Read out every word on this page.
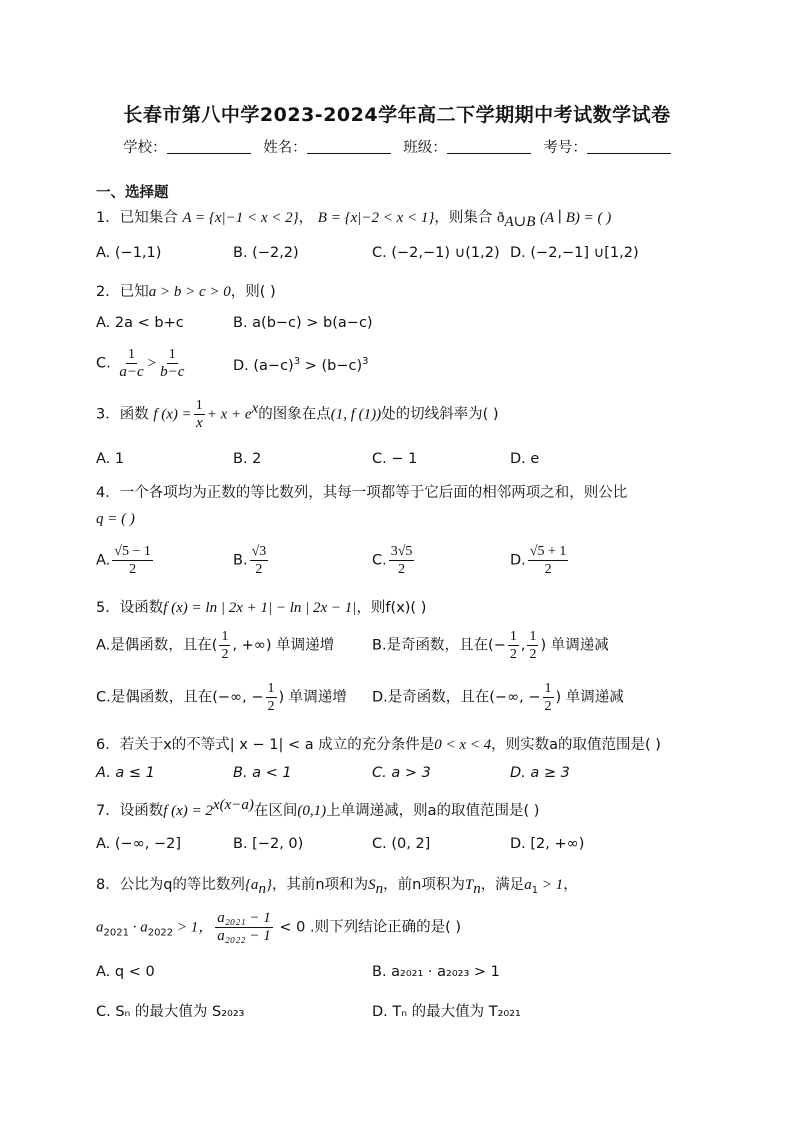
长春市第八中学2023-2024学年高二下学期期中考试数学试卷
学校：	姓名：	班级：	考号：
一、选择题
1．已知集合 A = {x|−1 < x < 2}， B = {x|−2 < x < 1}，则集合 $ð_{A\cup B}$ (A ∣ B) = ( )
A. (−1,1)	B. (−2,2)	C. (−2,−1) ∪(1,2) D. (−2,−1] ∪[1,2)
2．已知a > b > c > 0，则( )
A. 2a < b+c	B. a(b−c) > b(a−c)
C. $\frac{1}{a-c} > \frac{1}{b-c}$	D. $(a-c)^3 > (b-c)^3$
3．函数 f $(x) = \frac{1}{x} + x + e^x$的图象在点(1, f (1))处的切线斜率为( )
A. 1	B. 2	C. − 1	D. e
4．一个各项均为正数的等比数列，其每一项都等于它后面的相邻两项之和，则公比
q = ( )
A. $\frac{√5 - 1}{2}$	B. $\frac{√3}{2}$	C. $\frac{3√5}{2}$	D. $\frac{√5 + 1}{2}$
5．设函数f (x) = ln | 2x + 1| − ln | 2x − 1|，则f(x)( )
A.是偶函数，且在( $\frac{1}{2}$ , +∞) 单调递增	B.是奇函数，且在(− $\frac{1}{2}$ , $\frac{1}{2}$ ) 单调递减
C.是偶函数，且在(−∞, − $\frac{1}{2}$ ) 单调递增 D.是奇函数，且在(−∞, − $\frac{1}{2}$ ) 单调递减
6．若关于x的不等式| x − 1| < a 成立的充分条件是0 < x < 4，则实数a的取值范围是( )
A. a ≤ 1	B. a < 1	C. a > 3	D. a ≥ 3
7．设函数f $(x) = 2^{x(x-a)}$在区间(0,1)上单调递减，则a的取值范围是( )
A. (−∞, −2]	B. [−2, 0)	C. (0, 2]	D. [2, +∞)
8．公比为q的等比数列$\{a_n\}$，其前n项和为$S_n$，前n项积为$T_n$，满足$a_1 > 1$，
$a_{2021} \cdot a_{2022} > 1$， $\frac{\text{a₂₀₂₁ − 1}}{\text{a₂₀₂₂ − 1}} < 0$ .则下列结论正确的是( )
A. q < 0	B. a₂₀₂₁ · a₂₀₂₃ > 1
C. Sₙ 的最大值为 S₂₀₂₃	D. Tₙ 的最大值为 T₂₀₂₁
